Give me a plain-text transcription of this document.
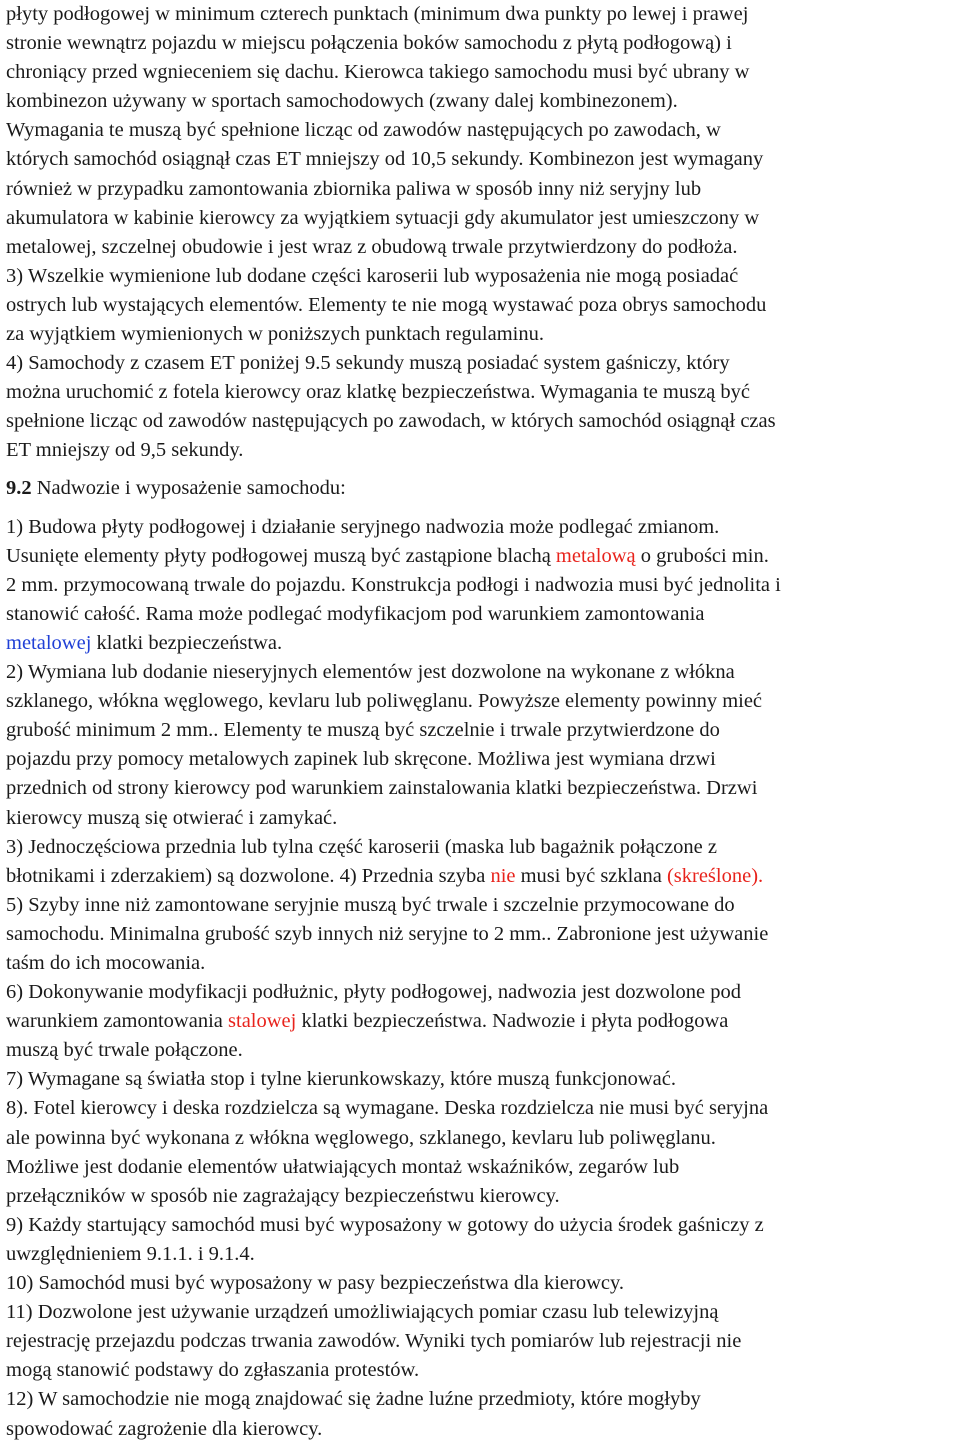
płyty podłogowej w minimum czterech punktach (minimum dwa punkty po lewej i prawej
stronie wewnątrz pojazdu w miejscu połączenia boków samochodu z płytą podłogową) i
chroniący przed wgnieceniem się dachu. Kierowca takiego samochodu musi być ubrany w
kombinezon używany w sportach samochodowych (zwany dalej kombinezonem).
Wymagania te muszą być spełnione licząc od zawodów następujących po zawodach, w
których samochód osiągnął czas ET mniejszy od 10,5 sekundy. Kombinezon jest wymagany
również w przypadku zamontowania zbiornika paliwa w sposób inny niż seryjny lub
akumulatora w kabinie kierowcy za wyjątkiem sytuacji gdy akumulator jest umieszczony w
metalowej, szczelnej obudowie i jest wraz z obudową trwale przytwierdzony do podłoża.
3) Wszelkie wymienione lub dodane części karoserii lub wyposażenia nie mogą posiadać
ostrych lub wystających elementów. Elementy te nie mogą wystawać poza obrys samochodu
za wyjątkiem wymienionych w poniższych punktach regulaminu.
4) Samochody z czasem ET poniżej 9.5 sekundy muszą posiadać system gaśniczy, który
można uruchomić z fotela kierowcy oraz klatkę bezpieczeństwa. Wymagania te muszą być
spełnione licząc od zawodów następujących po zawodach, w których samochód osiągnął czas
ET mniejszy od 9,5 sekundy.
9.2 Nadwozie i wyposażenie samochodu:
1) Budowa płyty podłogowej i działanie seryjnego nadwozia może podlegać zmianom.
Usunięte elementy płyty podłogowej muszą być zastąpione blachą metalową o grubości min.
2 mm. przymocowaną trwale do pojazdu. Konstrukcja podłogi i nadwozia musi być jednolita i
stanowić całość. Rama może podlegać modyfikacjom pod warunkiem zamontowania
metalowej klatki bezpieczeństwa.
2) Wymiana lub dodanie nieseryjnych elementów jest dozwolone na wykonane z włókna
szklanego, włókna węglowego, kevlaru lub poliwęglanu. Powyższe elementy powinny mieć
grubość minimum 2 mm.. Elementy te muszą być szczelnie i trwale przytwierdzone do
pojazdu przy pomocy metalowych zapinek lub skręcone. Możliwa jest wymiana drzwi
przednich od strony kierowcy pod warunkiem zainstalowania klatki bezpieczeństwa. Drzwi
kierowcy muszą się otwierać i zamykać.
3) Jednoczęściowa przednia lub tylna część karoserii (maska lub bagażnik połączone z
błotnikami i zderzakiem) są dozwolone. 4) Przednia szyba nie musi być szklana (skreślone).
5) Szyby inne niż zamontowane seryjnie muszą być trwale i szczelnie przymocowane do
samochodu. Minimalna grubość szyb innych niż seryjne to 2 mm.. Zabronione jest używanie
taśm do ich mocowania.
6) Dokonywanie modyfikacji podłużnic, płyty podłogowej, nadwozia jest dozwolone pod
warunkiem zamontowania stalowej klatki bezpieczeństwa. Nadwozie i płyta podłogowa
muszą być trwale połączone.
7) Wymagane są światła stop i tylne kierunkowskazy, które muszą funkcjonować.
8). Fotel kierowcy i deska rozdzielcza są wymagane. Deska rozdzielcza nie musi być seryjna
ale powinna być wykonana z włókna węglowego, szklanego, kevlaru lub poliwęglanu.
Możliwe jest dodanie elementów ułatwiających montaż wskaźników, zegarów lub
przełączników w sposób nie zagrażający bezpieczeństwu kierowcy.
9) Każdy startujący samochód musi być wyposażony w gotowy do użycia środek gaśniczy z
uwzględnieniem 9.1.1. i 9.1.4.
10) Samochód musi być wyposażony w pasy bezpieczeństwa dla kierowcy.
11) Dozwolone jest używanie urządzeń umożliwiających pomiar czasu lub telewizyjną
rejestrację przejazdu podczas trwania zawodów. Wyniki tych pomiarów lub rejestracji nie
mogą stanowić podstawy do zgłaszania protestów.
12) W samochodzie nie mogą znajdować się żadne luźne przedmioty, które mogłyby
spowodować zagrożenie dla kierowcy.
